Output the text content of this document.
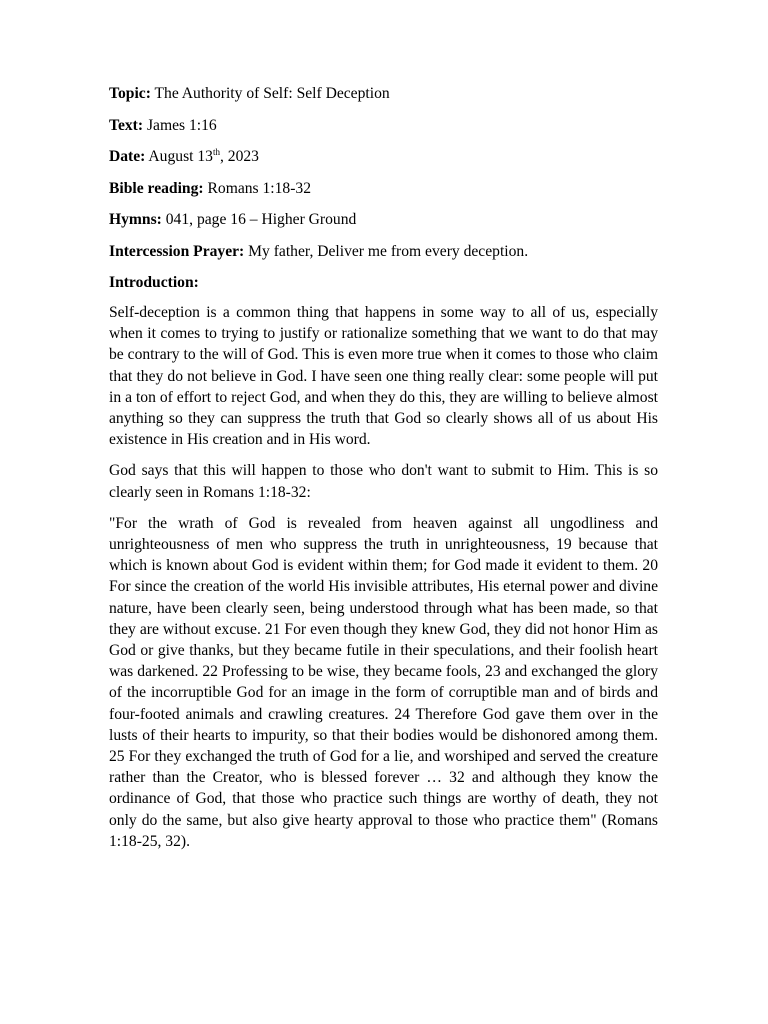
Topic: The Authority of Self: Self Deception
Text: James 1:16
Date: August 13th, 2023
Bible reading: Romans 1:18-32
Hymns: 041, page 16 – Higher Ground
Intercession Prayer: My father, Deliver me from every deception.
Introduction:

Self-deception is a common thing that happens in some way to all of us, especially when it comes to trying to justify or rationalize something that we want to do that may be contrary to the will of God. This is even more true when it comes to those who claim that they do not believe in God. I have seen one thing really clear: some people will put in a ton of effort to reject God, and when they do this, they are willing to believe almost anything so they can suppress the truth that God so clearly shows all of us about His existence in His creation and in His word.

God says that this will happen to those who don't want to submit to Him. This is so clearly seen in Romans 1:18-32:

"For the wrath of God is revealed from heaven against all ungodliness and unrighteousness of men who suppress the truth in unrighteousness, 19 because that which is known about God is evident within them; for God made it evident to them. 20 For since the creation of the world His invisible attributes, His eternal power and divine nature, have been clearly seen, being understood through what has been made, so that they are without excuse. 21 For even though they knew God, they did not honor Him as God or give thanks, but they became futile in their speculations, and their foolish heart was darkened. 22 Professing to be wise, they became fools, 23 and exchanged the glory of the incorruptible God for an image in the form of corruptible man and of birds and four-footed animals and crawling creatures. 24 Therefore God gave them over in the lusts of their hearts to impurity, so that their bodies would be dishonored among them. 25 For they exchanged the truth of God for a lie, and worshiped and served the creature rather than the Creator, who is blessed forever … 32 and although they know the ordinance of God, that those who practice such things are worthy of death, they not only do the same, but also give hearty approval to those who practice them" (Romans 1:18-25, 32).
